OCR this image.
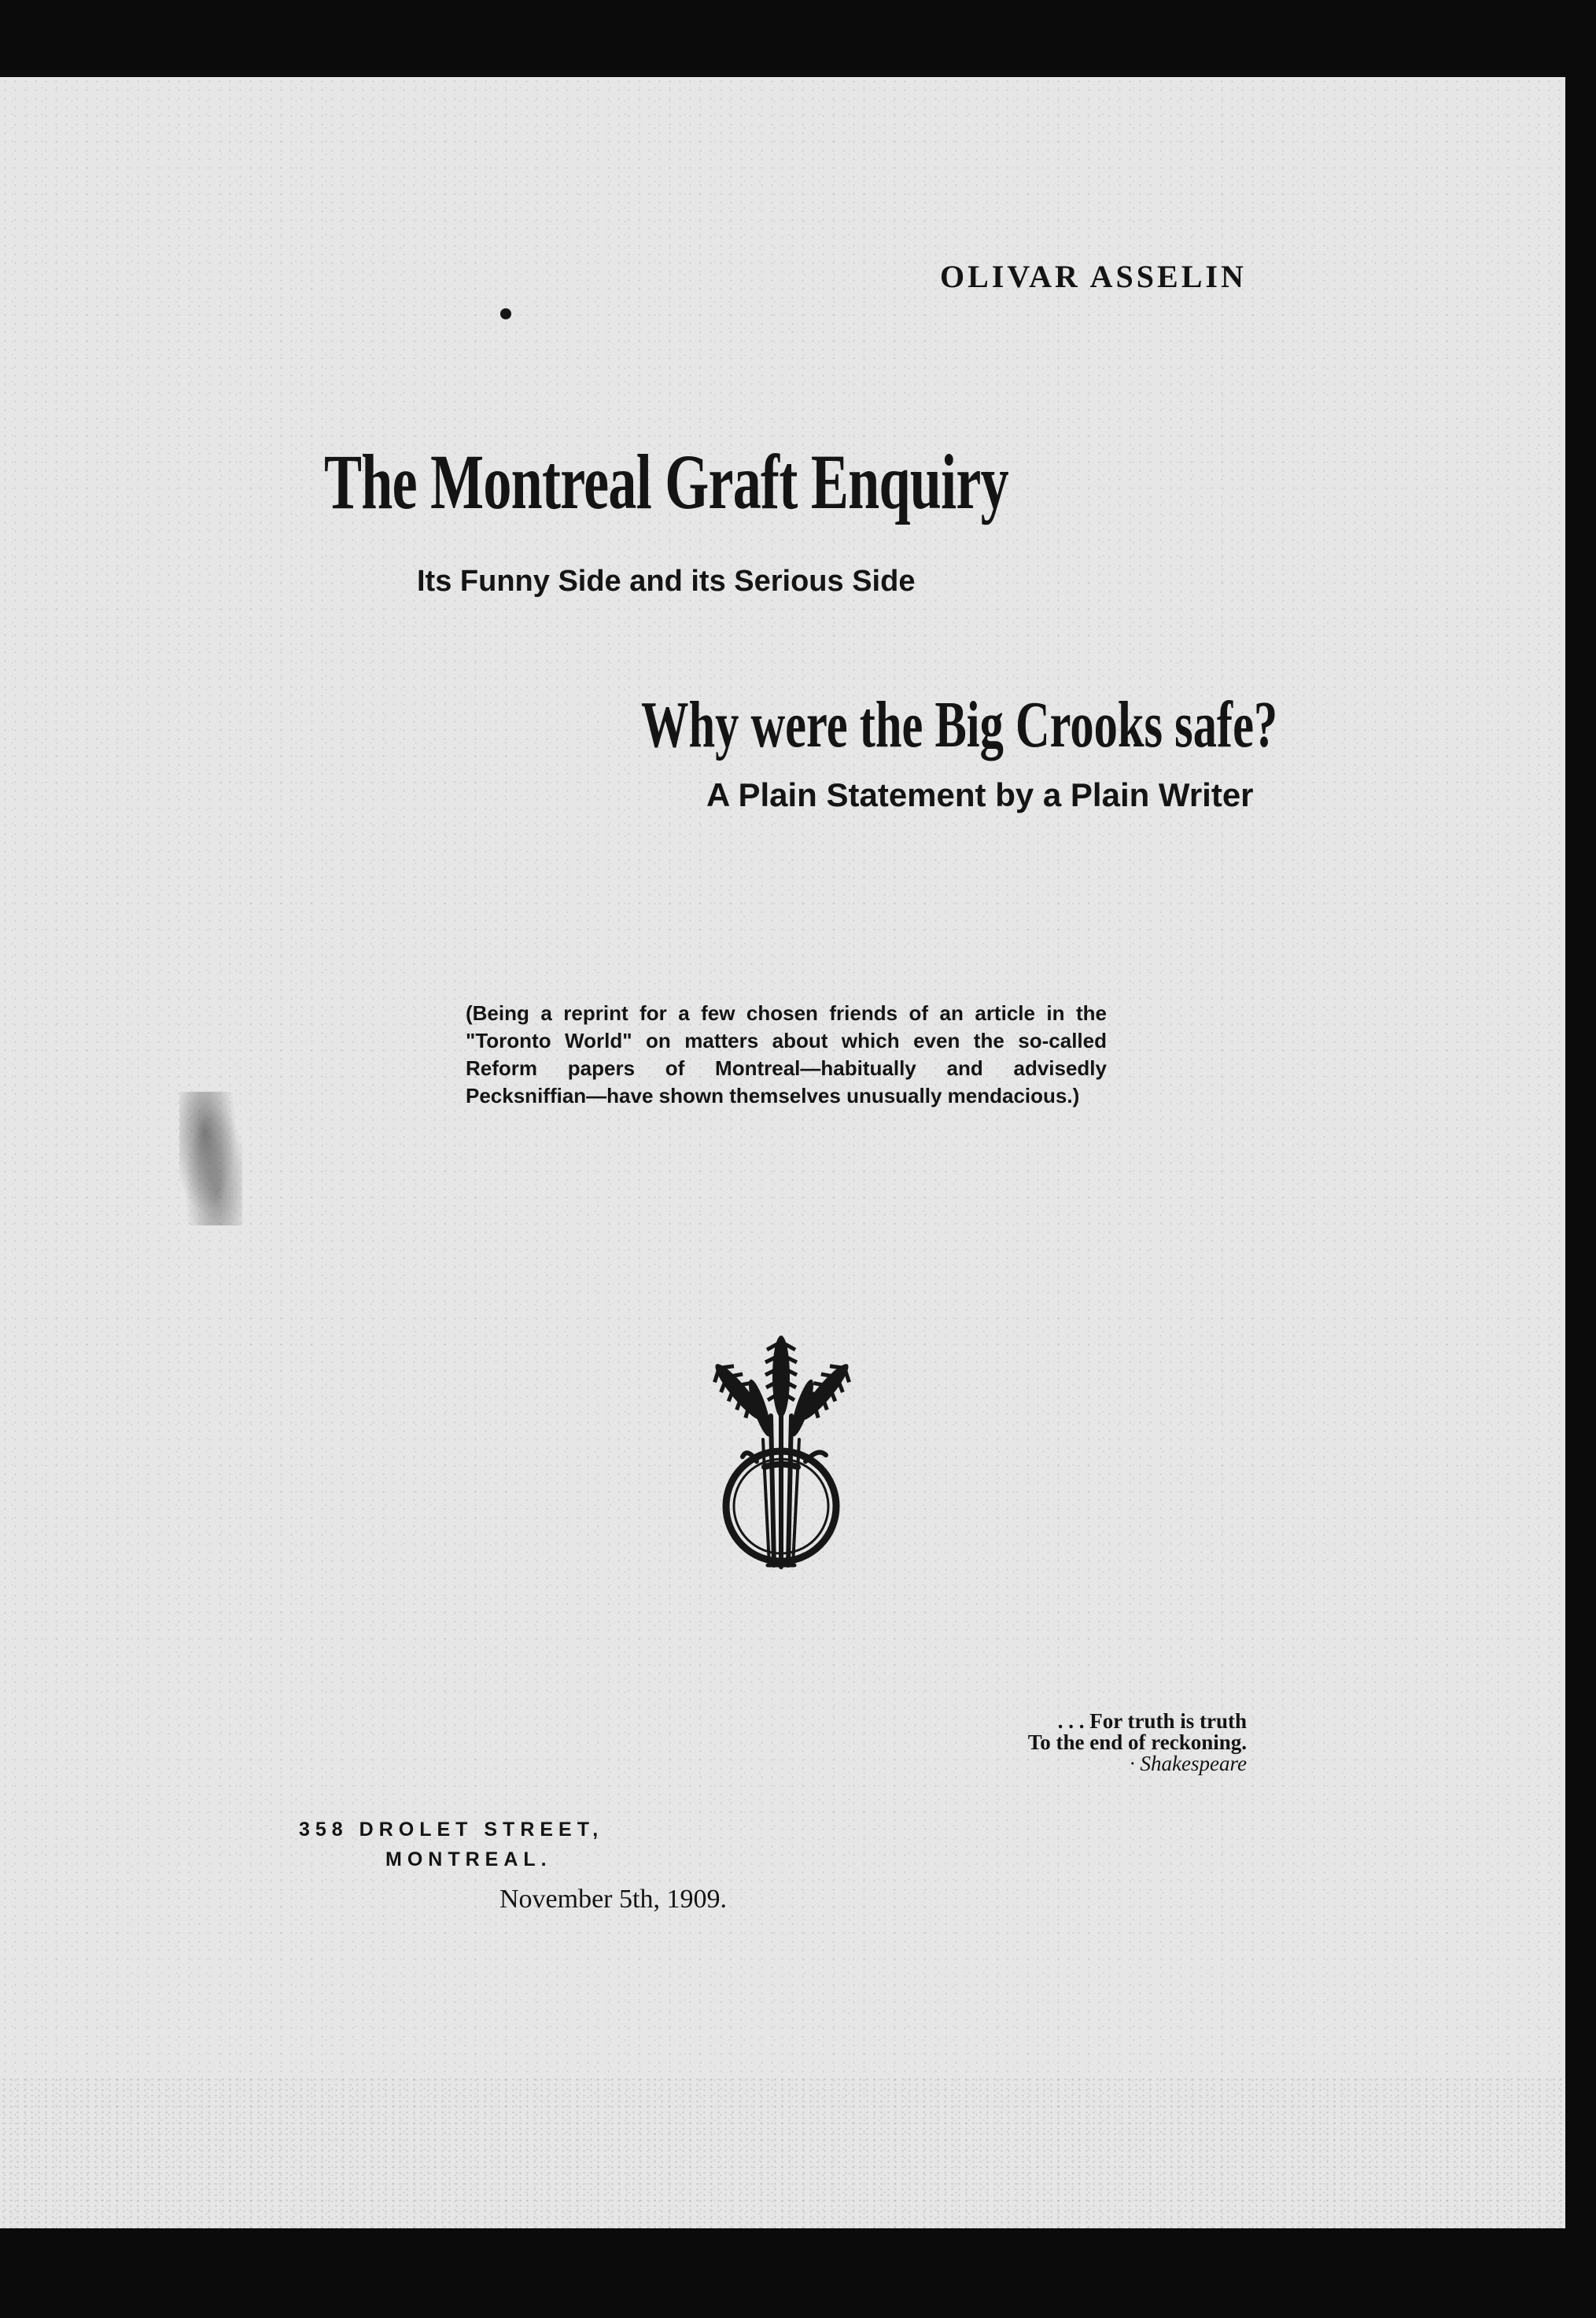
OLIVAR ASSELIN

The Montreal Graft Enquiry

Its Funny Side and its Serious Side

Why were the Big Crooks safe?

A Plain Statement by a Plain Writer

(Being a reprint for a few chosen friends of an article in the "Toronto World" on matters about which even the so-called Reform papers of Montreal—habitually and advisedly Pecksniffian—have shown themselves unusually mendacious.)

. . . For truth is truth
To the end of reckoning.
· Shakespeare

358 DROLET STREET,

MONTREAL.

November 5th, 1909.
